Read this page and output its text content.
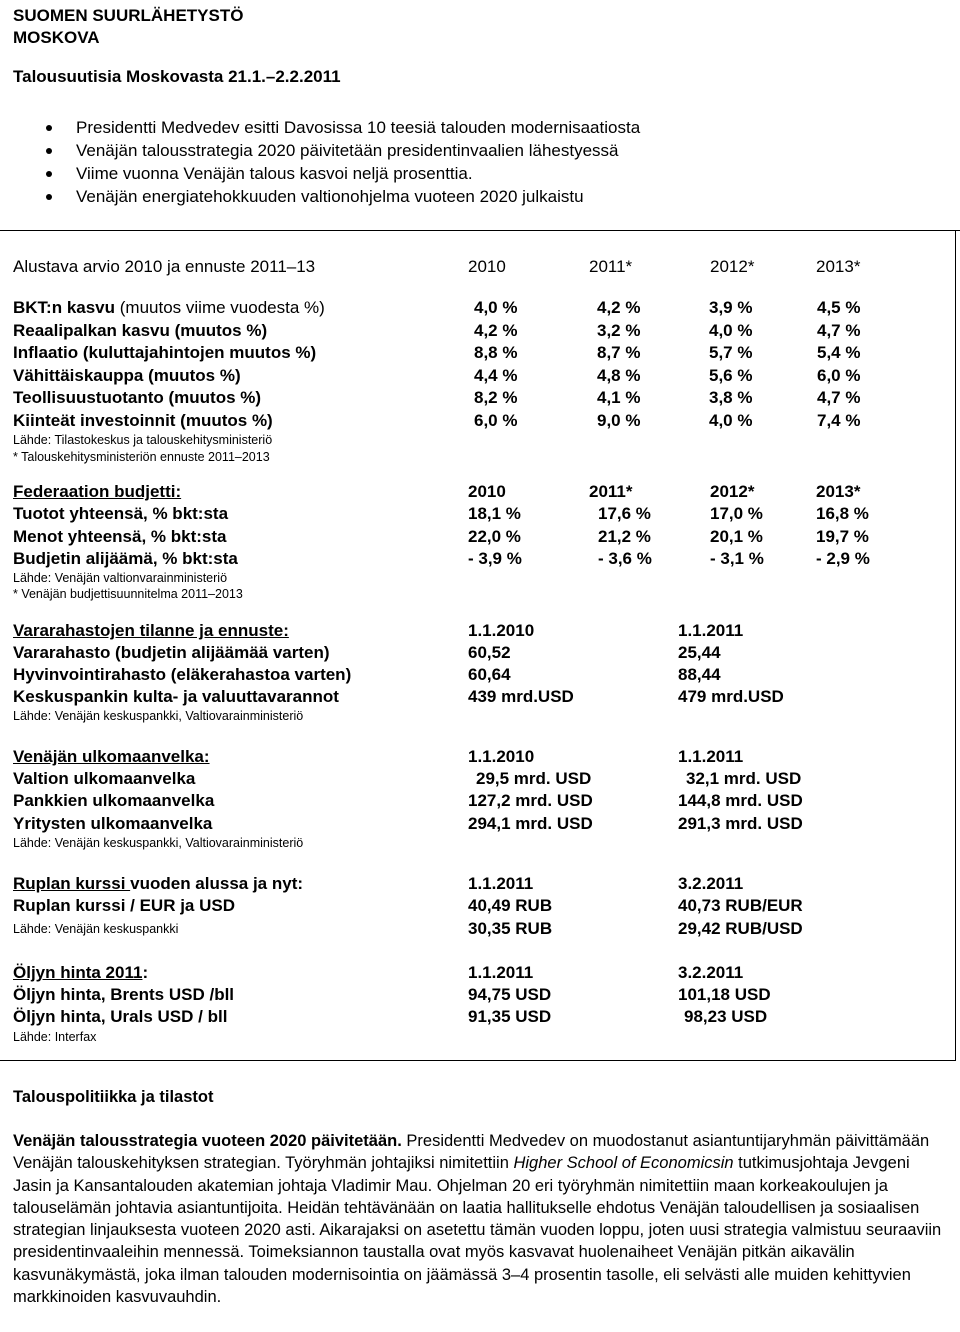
SUOMEN SUURLÄHETYSTÖ
MOSKOVA
Talousuutisia Moskovasta 21.1.–2.2.2011
Presidentti Medvedev esitti Davosissa 10 teesiä talouden modernisaatiosta
Venäjän talousstrategia 2020 päivitetään presidentinvaalien lähestyessä
Viime vuonna Venäjän talous kasvoi neljä prosenttia.
Venäjän energiatehokkuuden valtionohjelma vuoteen 2020 julkaistu
Alustava arvio 2010 ja ennuste 2011–13	2010	2011*	2012*	2013*
BKT:n kasvu (muutos viime vuodesta %)	4,0 %	4,2 %	3,9 %	4,5 %
Reaalipalkan kasvu (muutos %)	4,2 %	3,2 %	4,0 %	4,7 %
Inflaatio (kuluttajahintojen muutos %)	8,8 %	8,7 %	5,7 %	5,4 %
Vähittäiskauppa (muutos %)	4,4 %	4,8 %	5,6 %	6,0 %
Teollisuustuotanto (muutos %)	8,2 %	4,1 %	3,8 %	4,7 %
Kiinteät investoinnit (muutos %)	6,0 %	9,0 %	4,0 %	7,4 %
Lähde: Tilastokeskus ja talouskehitysministeriö
* Talouskehitysministeriön ennuste 2011–2013
Federaation budjetti:	2010	2011*	2012*	2013*
Tuotot yhteensä, % bkt:sta	18,1 %	17,6 %	17,0 %	16,8 %
Menot yhteensä, % bkt:sta	22,0 %	21,2 %	20,1 %	19,7 %
Budjetin alijäämä, % bkt:sta	- 3,9 %	- 3,6 %	- 3,1 %	- 2,9 %
Lähde: Venäjän valtionvarainministeriö
* Venäjän budjettisuunnitelma 2011–2013
Vararahastojen tilanne ja ennuste:	1.1.2010	1.1.2011
Vararahasto (budjetin alijäämää varten)	60,52	25,44
Hyvinvointirahasto (eläkerahastoa varten)	60,64	88,44
Keskuspankin kulta- ja valuuttavarannot	439 mrd.USD	479 mrd.USD
Lähde: Venäjän keskuspankki, Valtiovarainministeriö
Venäjän ulkomaanvelka:	1.1.2010	1.1.2011
Valtion ulkomaanvelka	29,5 mrd. USD	32,1 mrd. USD
Pankkien ulkomaanvelka	127,2 mrd. USD	144,8 mrd. USD
Yritysten ulkomaanvelka	294,1 mrd. USD	291,3 mrd. USD
Lähde: Venäjän keskuspankki, Valtiovarainministeriö
Ruplan kurssi vuoden alussa ja nyt:	1.1.2011	3.2.2011
Ruplan kurssi / EUR ja USD	40,49 RUB	40,73 RUB/EUR
Lähde: Venäjän keskuspankki	30,35 RUB	29,42 RUB/USD
Öljyn hinta 2011:	1.1.2011	3.2.2011
Öljyn hinta, Brents USD /bll	94,75 USD	101,18 USD
Öljyn hinta, Urals USD / bll	91,35 USD	98,23 USD
Lähde: Interfax
Talouspolitiikka ja tilastot
Venäjän talousstrategia vuoteen 2020 päivitetään. Presidentti Medvedev on muodostanut asiantuntijaryhmän päivittämään Venäjän talouskehityksen strategian. Työryhmän johtajiksi nimitettiin Higher School of Economicsin tutkimusjohtaja Jevgeni Jasin ja Kansantalouden akatemian johtaja Vladimir Mau. Ohjelman 20 eri työryhmän nimitettiin maan korkeakoulujen ja talouselämän johtavia asiantuntijoita. Heidän tehtävänään on laatia hallitukselle ehdotus Venäjän taloudellisen ja sosiaalisen strategian linjauksesta vuoteen 2020 asti. Aikarajaksi on asetettu tämän vuoden loppu, joten uusi strategia valmistuu seuraaviin presidentinvaaleihin mennessä. Toimeksiannon taustalla ovat myös kasvavat huolenaiheet Venäjän pitkän aikavälin kasvunäkymästä, joka ilman talouden modernisointia on jäämässä 3–4 prosentin tasolle, eli selvästi alle muiden kehittyvien markkinoiden kasvuvauhdin.
